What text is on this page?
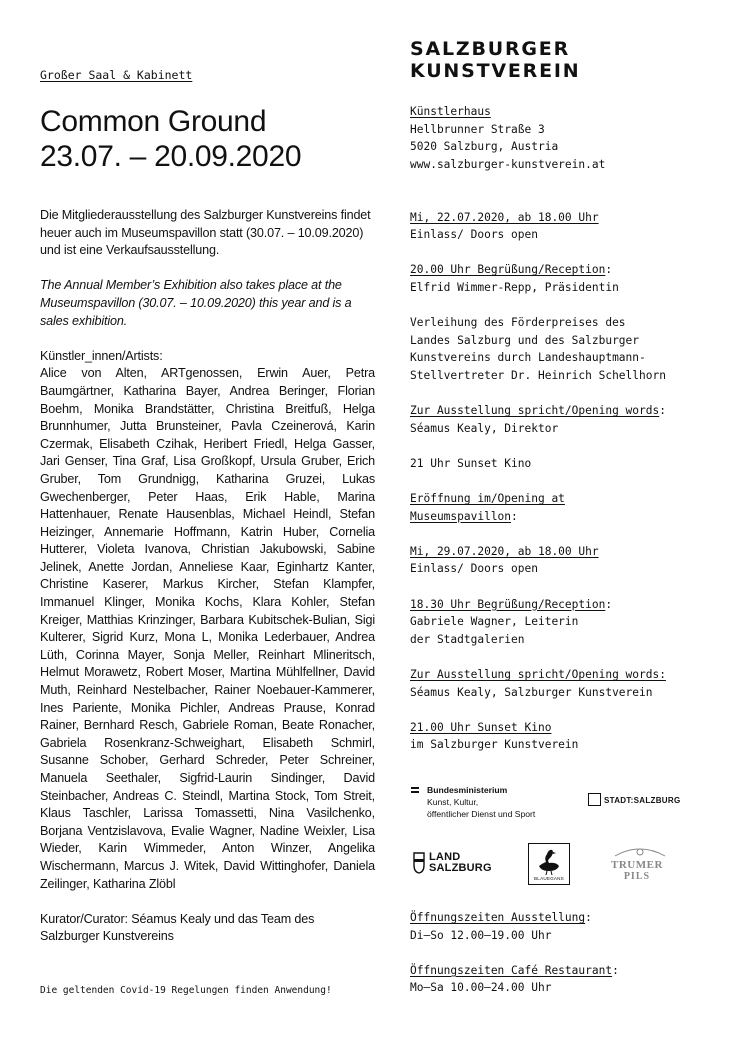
Großer Saal & Kabinett
Common Ground
23.07. – 20.09.2020

Die Mitgliederausstellung des Salzburger Kunstvereins findet heuer auch im Museumspavillon statt (30.07. – 10.09.2020) und ist eine Verkaufsausstellung.

The Annual Member’s Exhibition also takes place at the Museumspavillon (30.07. – 10.09.2020) this year and is a sales exhibition.

Künstler_innen/Artists:

Alice von Alten, ARTgenossen, Erwin Auer, Petra Baumgärtner, Katharina Bayer, Andrea Beringer, Florian Boehm, Monika Brandstätter, Christina Breitfuß, Helga Brunnhumer, Jutta Brunsteiner, Pavla Czeinerová, Karin Czermak, Elisabeth Czihak, Heribert Friedl, Helga Gasser, Jari Genser, Tina Graf, Lisa Großkopf, Ursula Gruber, Erich Gruber, Tom Grundnigg, Katharina Gruzei, Lukas Gwechenberger, Peter Haas, Erik Hable, Marina Hattenhauer, Renate Hausenblas, Michael Heindl, Stefan Heizinger, Annemarie Hoffmann, Katrin Huber, Cornelia Hutterer, Violeta Ivanova, Christian Jakubowski, Sabine Jelinek, Anette Jordan, Anneliese Kaar, Eginhartz Kanter, Christine Kaserer, Markus Kircher, Stefan Klampfer, Immanuel Klinger, Monika Kochs, Klara Kohler, Stefan Kreiger, Matthias Krinzinger, Barbara Kubitschek-Bulian, Sigi Kulterer, Sigrid Kurz, Mona L, Monika Lederbauer, Andrea Lüth, Corinna Mayer, Sonja Meller, Reinhart Mlineritsch, Helmut Morawetz, Robert Moser, Martina Mühlfellner, David Muth, Reinhard Nestelbacher, Rainer Noebauer-Kammerer, Ines Pariente, Monika Pichler, Andreas Prause, Konrad Rainer, Bernhard Resch, Gabriele Roman, Beate Ronacher, Gabriela Rosenkranz-Schweighart, Elisabeth Schmirl, Susanne Schober, Gerhard Schreder, Peter Schreiner, Manuela Seethaler, Sigfrid-Laurin Sindinger, David Steinbacher, Andreas C. Steindl, Martina Stock, Tom Streit, Klaus Taschler, Larissa Tomassetti, Nina Vasilchenko, Borjana Ventzislavova, Evalie Wagner, Nadine Weixler, Lisa Wieder, Karin Wimmeder, Anton Winzer, Angelika Wischermann, Marcus J. Witek, David Wittinghofer, Daniela Zeilinger, Katharina Zlöbl

Kurator/Curator: Séamus Kealy und das Team des Salzburger Kunstvereins

Die geltenden Covid-19 Regelungen finden Anwendung!
SALZBURGER
KUNSTVEREIN
Künstlerhaus
Hellbrunner Straße 3
5020 Salzburg, Austria
www.salzburger-kunstverein.at
Mi, 22.07.2020, ab 18.00 Uhr
Einlass/ Doors open
20.00 Uhr Begrüßung/Reception:
Elfrid Wimmer-Repp, Präsidentin
Verleihung des Förderpreises des
Landes Salzburg und des Salzburger
Kunstvereins durch Landeshauptmann-
Stellvertreter Dr. Heinrich Schellhorn
Zur Ausstellung spricht/Opening words:
Séamus Kealy, Direktor
21 Uhr Sunset Kino
Eröffnung im/Opening at
Museumspavillon:
Mi, 29.07.2020, ab 18.00 Uhr
Einlass/ Doors open
18.30 Uhr Begrüßung/Reception:
Gabriele Wagner, Leiterin
der Stadtgalerien
Zur Ausstellung spricht/Opening words:
Séamus Kealy, Salzburger Kunstverein
21.00 Uhr Sunset Kino
im Salzburger Kunstverein
Bundesministerium
Kunst, Kultur,
öffentlicher Dienst und Sport
STADT:SALZBURG
LAND
SALZBURG
BLAUEGANS
TRUMER
PILS
Öffnungszeiten Ausstellung:
Di–So 12.00–19.00 Uhr
Öffnungszeiten Café Restaurant:
Mo–Sa 10.00–24.00 Uhr
